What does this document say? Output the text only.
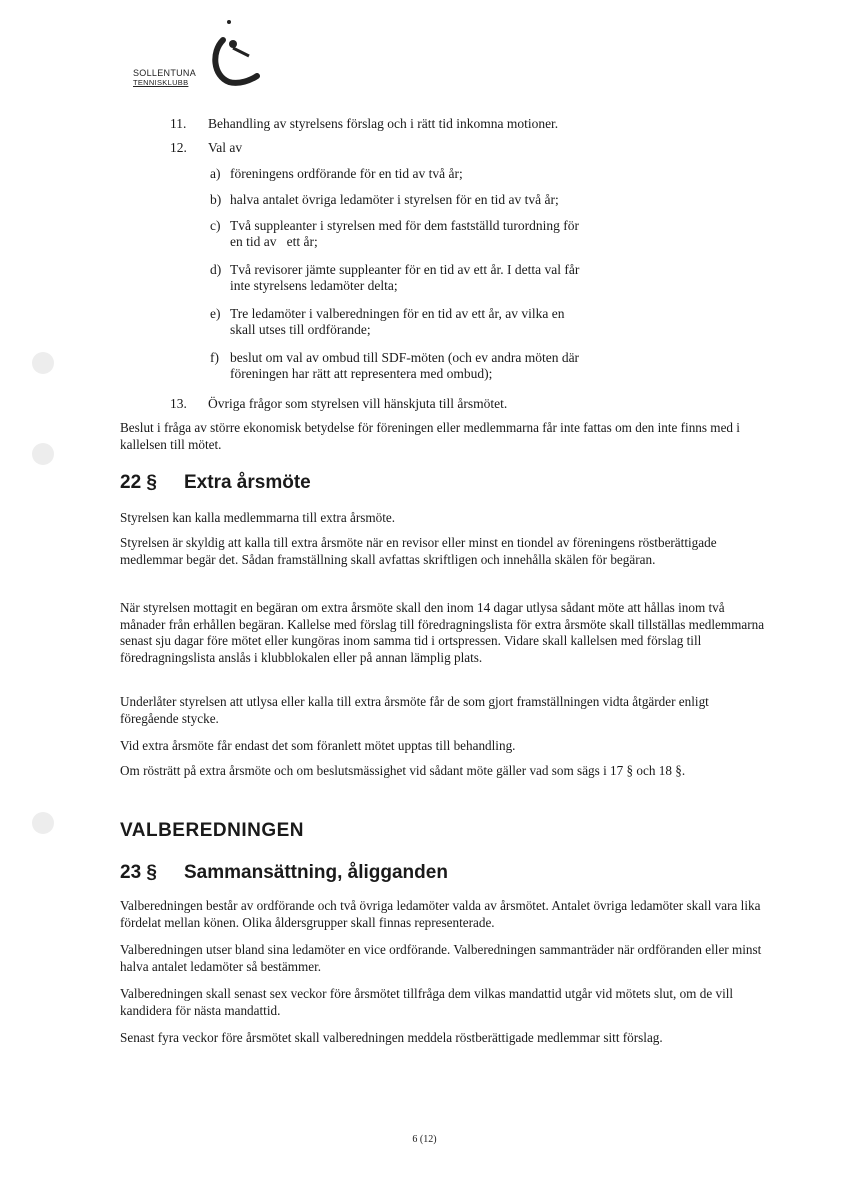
SOLLENTUNA
TENNISKLUBB
11. Behandling av styrelsens förslag och i rätt tid inkomna motioner.
12. Val av
a) föreningens ordförande för en tid av två år;
b) halva antalet övriga ledamöter i styrelsen för en tid av två år;
c) Två suppleanter i styrelsen med för dem fastställd turordning för
en tid av   ett år;
d) Två revisorer jämte suppleanter för en tid av ett år. I detta val får
inte styrelsens ledamöter delta;
e) Tre ledamöter i valberedningen för en tid av ett år, av vilka en
skall utses till ordförande;
f) beslut om val av ombud till SDF-möten (och ev andra möten där
föreningen har rätt att representera med ombud);
13. Övriga frågor som styrelsen vill hänskjuta till årsmötet.
Beslut i fråga av större ekonomisk betydelse för föreningen eller medlemmarna får inte fattas om den inte finns med i kallelsen till mötet.
22 § Extra årsmöte
Styrelsen kan kalla medlemmarna till extra årsmöte.
Styrelsen är skyldig att kalla till extra årsmöte när en revisor eller minst en tiondel av föreningens röstberättigade medlemmar begär det. Sådan framställning skall avfattas skriftligen och innehålla skälen för begäran.
När styrelsen mottagit en begäran om extra årsmöte skall den inom 14 dagar utlysa sådant möte att hållas inom två månader från erhållen begäran. Kallelse med förslag till föredragningslista för extra årsmöte skall tillställas medlemmarna senast sju dagar före mötet eller kungöras inom samma tid i ortspressen. Vidare skall kallelsen med förslag till föredragningslista anslås i klubblokalen eller på annan lämplig plats.
Underlåter styrelsen att utlysa eller kalla till extra årsmöte får de som gjort framställningen vidta åtgärder enligt föregående stycke.
Vid extra årsmöte får endast det som föranlett mötet upptas till behandling.
Om rösträtt på extra årsmöte och om beslutsmässighet vid sådant möte gäller vad som sägs i 17 § och 18 §.
VALBEREDNINGEN
23 § Sammansättning, åligganden
Valberedningen består av ordförande och två övriga ledamöter valda av årsmötet. Antalet övriga ledamöter skall vara lika fördelat mellan könen. Olika åldersgrupper skall finnas representerade.
Valberedningen utser bland sina ledamöter en vice ordförande. Valberedningen sammanträder när ordföranden eller minst halva antalet ledamöter så bestämmer.
Valberedningen skall senast sex veckor före årsmötet tillfråga dem vilkas mandattid utgår vid mötets slut, om de vill kandidera för nästa mandattid.
Senast fyra veckor före årsmötet skall valberedningen meddela röstberättigade medlemmar sitt förslag.
6 (12)
